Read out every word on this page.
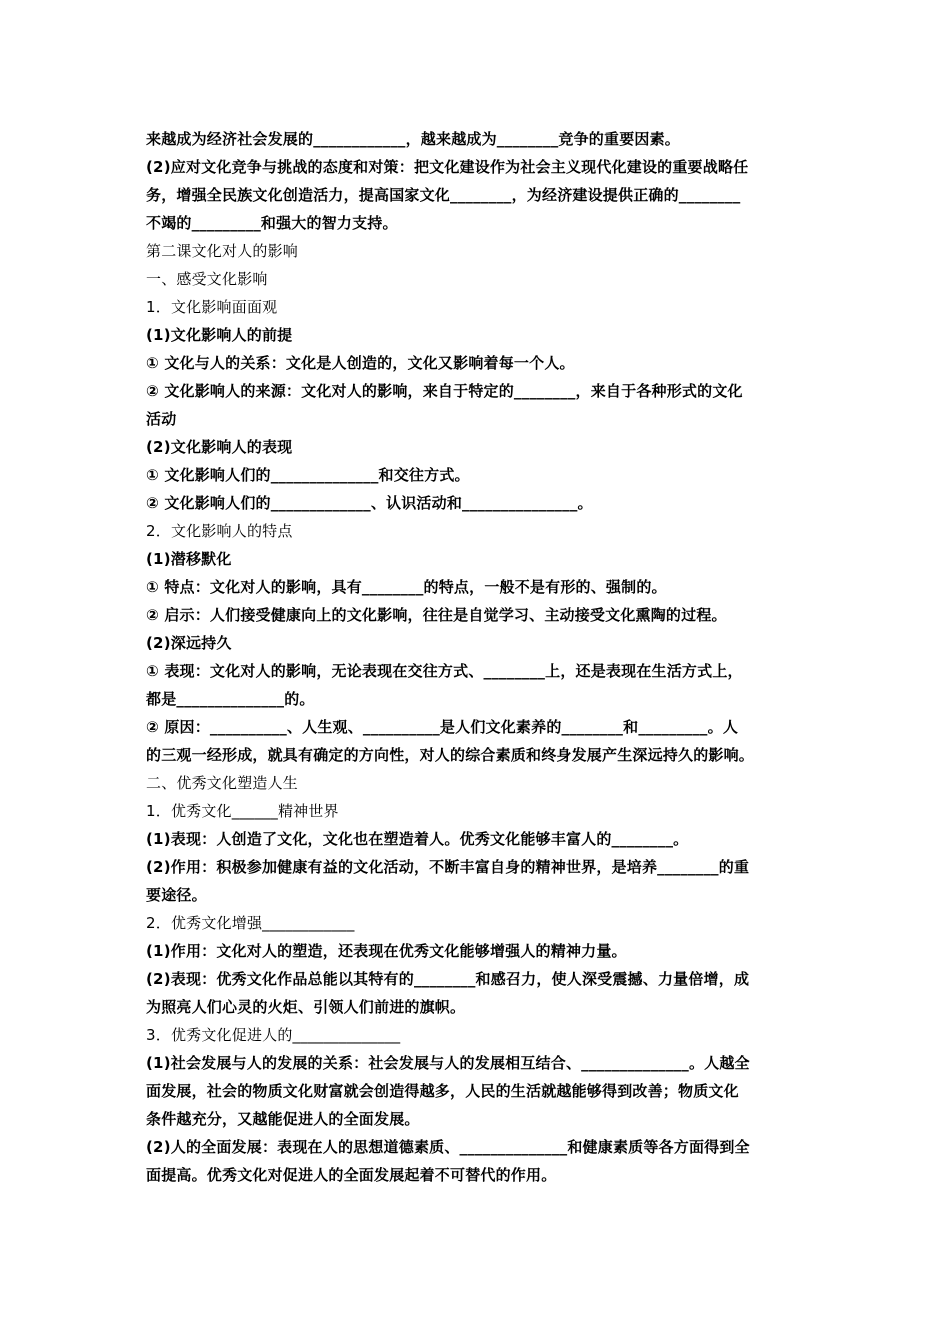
来越成为经济社会发展的____________，越来越成为________竞争的重要因素。
(2)应对文化竞争与挑战的态度和对策：把文化建设作为社会主义现代化建设的重要战略任
务，增强全民族文化创造活力，提高国家文化________，为经济建设提供正确的________
不竭的_________和强大的智力支持。
第二课文化对人的影响
一、感受文化影响
1．文化影响面面观
(1)文化影响人的前提
① 文化与人的关系：文化是人创造的，文化又影响着每一个人。
② 文化影响人的来源：文化对人的影响，来自于特定的________，来自于各种形式的文化
活动
(2)文化影响人的表现
① 文化影响人们的______________和交往方式。
② 文化影响人们的_____________、认识活动和_______________。
2．文化影响人的特点
(1)潜移默化
① 特点：文化对人的影响，具有________的特点，一般不是有形的、强制的。
② 启示：人们接受健康向上的文化影响，往往是自觉学习、主动接受文化熏陶的过程。
(2)深远持久
① 表现：文化对人的影响，无论表现在交往方式、________上，还是表现在生活方式上，
都是______________的。
② 原因：__________、人生观、__________是人们文化素养的________和_________。人
的三观一经形成，就具有确定的方向性，对人的综合素质和终身发展产生深远持久的影响。
二、优秀文化塑造人生
1．优秀文化______精神世界
(1)表现：人创造了文化，文化也在塑造着人。优秀文化能够丰富人的________。
(2)作用：积极参加健康有益的文化活动，不断丰富自身的精神世界，是培养________的重
要途径。
2．优秀文化增强____________
(1)作用：文化对人的塑造，还表现在优秀文化能够增强人的精神力量。
(2)表现：优秀文化作品总能以其特有的________和感召力，使人深受震撼、力量倍增，成
为照亮人们心灵的火炬、引领人们前进的旗帜。
3．优秀文化促进人的______________
(1)社会发展与人的发展的关系：社会发展与人的发展相互结合、______________。人越全
面发展，社会的物质文化财富就会创造得越多，人民的生活就越能够得到改善；物质文化
条件越充分，又越能促进人的全面发展。
(2)人的全面发展：表现在人的思想道德素质、______________和健康素质等各方面得到全
面提高。优秀文化对促进人的全面发展起着不可替代的作用。
